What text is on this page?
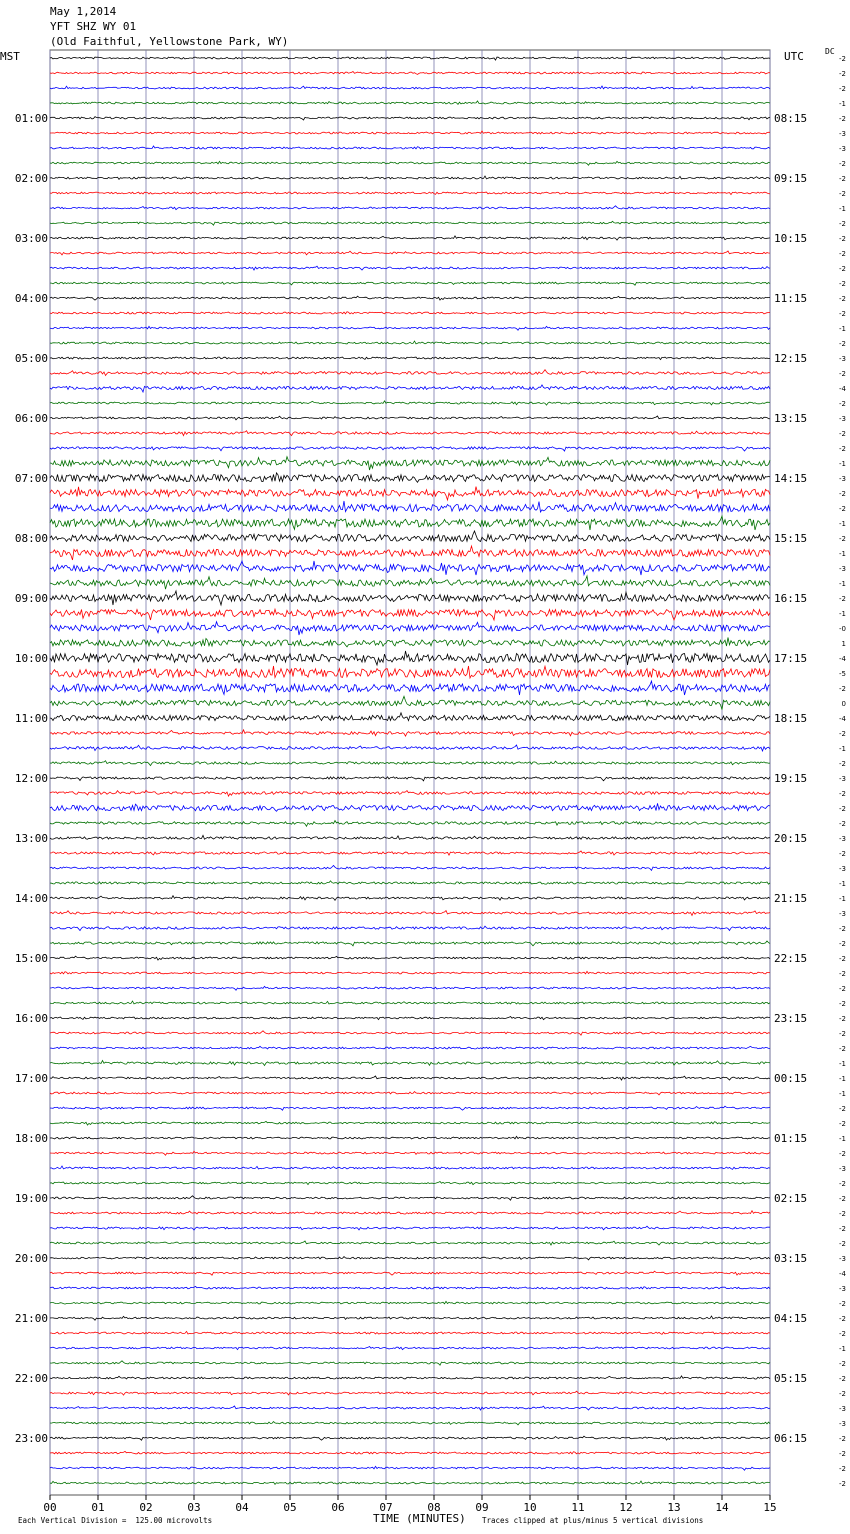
May 1,2014
YFT SHZ WY 01
(Old Faithful, Yellowstone Park, WY)
MST	UTC	DC
00	01	02	03	04	05	06	07	08	09	10	11	12	13	14	15
-2
-2
-2
-1
-2
-3
-3
-2
-2
-2
-1
-2
-2
-2
-2
-2
-2
-2
-1
-2
-3
-2
-4
-2
-3
-2
-2
-1
-3
-2
-2
-1
-2
-1
-3
-1
-2
-1
-0
1
-4
-5
-2
0
-4
-2
-1
-2
-3
-2
-2
-2
-3
-2
-3
-1
-1
-3
-2
-2
-2
-2
-2
-2
-2
-2
-2
-1
-1
-1
-2
-2
-1
-2
-3
-2
-2
-2
-2
-2
-3
-4
-3
-2
-2
-2
-1
-2
-2
-2
-3
-3
-2
-2
-2
-2
01:00	08:15
02:00	09:15
03:00	10:15
04:00	11:15
05:00	12:15
06:00	13:15
07:00	14:15
08:00	15:15
09:00	16:15
10:00	17:15
11:00	18:15
12:00	19:15
13:00	20:15
14:00	21:15
15:00	22:15
16:00	23:15
17:00	00:15
18:00	01:15
19:00	02:15
20:00	03:15
21:00	04:15
22:00	05:15
23:00	06:15
Each Vertical Division =  125.00 microvolts	TIME (MINUTES) Traces clipped at plus/minus 5 vertical divisions
